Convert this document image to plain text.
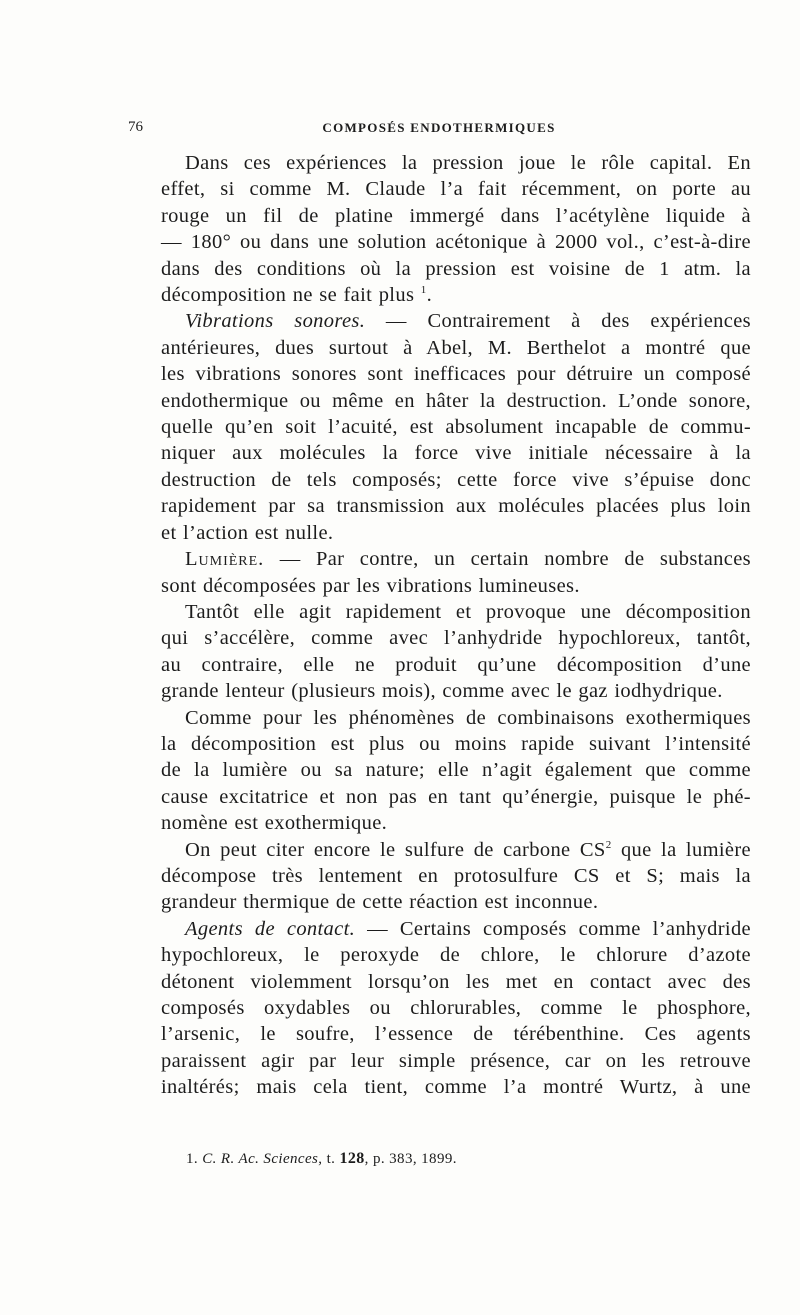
76	COMPOSÉS ENDOTHERMIQUES

Dans ces expériences la pression joue le rôle capital. En
effet, si comme M. Claude l’a fait récemment, on porte au
rouge un fil de platine immergé dans l’acétylène liquide à
— 180° ou dans une solution acétonique à 2000 vol., c’est-à-dire
dans des conditions où la pression est voisine de 1 atm. la
décomposition ne se fait plus $^1$.

Vibrations sonores. — Contrairement à des expériences
antérieures, dues surtout à Abel, M. Berthelot a montré que
les vibrations sonores sont inefficaces pour détruire un composé
endothermique ou même en hâter la destruction. L’onde sonore,
quelle qu’en soit l’acuité, est absolument incapable de commu-
niquer aux molécules la force vive initiale nécessaire à la
destruction de tels composés; cette force vive s’épuise donc
rapidement par sa transmission aux molécules placées plus loin
et l’action est nulle.

Lumière. — Par contre, un certain nombre de substances
sont décomposées par les vibrations lumineuses.

Tantôt elle agit rapidement et provoque une décomposition
qui s’accélère, comme avec l’anhydride hypochloreux, tantôt,
au contraire, elle ne produit qu’une décomposition d’une
grande lenteur (plusieurs mois), comme avec le gaz iodhydrique.

Comme pour les phénomènes de combinaisons exothermiques
la décomposition est plus ou moins rapide suivant l’intensité
de la lumière ou sa nature; elle n’agit également que comme
cause excitatrice et non pas en tant qu’énergie, puisque le phé-
nomène est exothermique.

On peut citer encore le sulfure de carbone $CS^2$ que la lumière
décompose très lentement en protosulfure CS et S; mais la
grandeur thermique de cette réaction est inconnue.

Agents de contact. — Certains composés comme l’anhydride
hypochloreux, le peroxyde de chlore, le chlorure d’azote
détonent violemment lorsqu’on les met en contact avec des
composés oxydables ou chlorurables, comme le phosphore,
l’arsenic, le soufre, l’essence de térébenthine. Ces agents
paraissent agir par leur simple présence, car on les retrouve
inaltérés; mais cela tient, comme l’a montré Wurtz, à une

1. C. R. Ac. Sciences, t. 128, p. 383, 1899.
